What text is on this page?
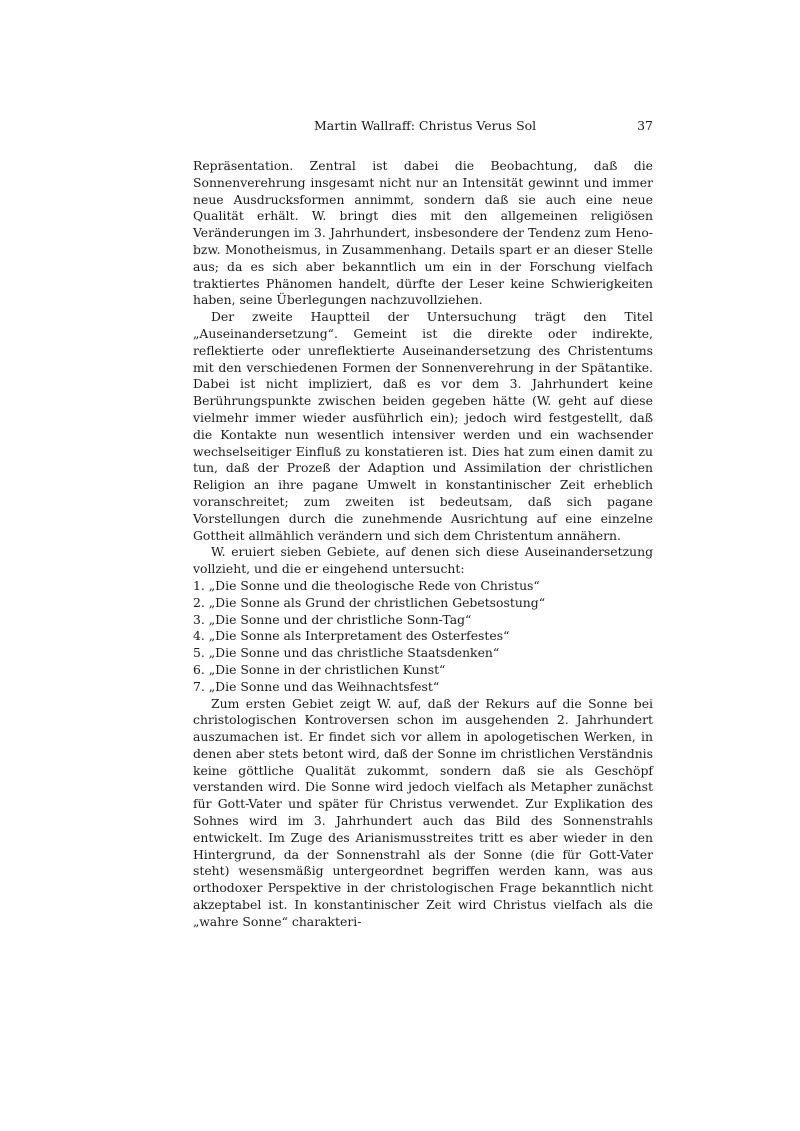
Martin Wallraff: Christus Verus Sol	37

Repräsentation. Zentral ist dabei die Beobachtung, daß die Sonnenverehrung insgesamt nicht nur an Intensität gewinnt und immer neue Ausdrucksformen annimmt, sondern daß sie auch eine neue Qualität erhält. W. bringt dies mit den allgemeinen religiösen Veränderungen im 3. Jahrhundert, insbesondere der Tendenz zum Heno- bzw. Monotheismus, in Zusammenhang. Details spart er an dieser Stelle aus; da es sich aber bekanntlich um ein in der Forschung vielfach traktiertes Phänomen handelt, dürfte der Leser keine Schwierigkeiten haben, seine Überlegungen nachzuvollziehen.

Der zweite Hauptteil der Untersuchung trägt den Titel „Auseinandersetzung“. Gemeint ist die direkte oder indirekte, reflektierte oder unreflektierte Auseinandersetzung des Christentums mit den verschiedenen Formen der Sonnenverehrung in der Spätantike. Dabei ist nicht impliziert, daß es vor dem 3. Jahrhundert keine Berührungspunkte zwischen beiden gegeben hätte (W. geht auf diese vielmehr immer wieder ausführlich ein); jedoch wird festgestellt, daß die Kontakte nun wesentlich intensiver werden und ein wachsender wechselseitiger Einfluß zu konstatieren ist. Dies hat zum einen damit zu tun, daß der Prozeß der Adaption und Assimilation der christlichen Religion an ihre pagane Umwelt in konstantinischer Zeit erheblich voranschreitet; zum zweiten ist bedeutsam, daß sich pagane Vorstellungen durch die zunehmende Ausrichtung auf eine einzelne Gottheit allmählich verändern und sich dem Christentum annähern.

W. eruiert sieben Gebiete, auf denen sich diese Auseinandersetzung vollzieht, und die er eingehend untersucht:

1. „Die Sonne und die theologische Rede von Christus“
2. „Die Sonne als Grund der christlichen Gebetsostung“
3. „Die Sonne und der christliche Sonn-Tag“
4. „Die Sonne als Interpretament des Osterfestes“
5. „Die Sonne und das christliche Staatsdenken“
6. „Die Sonne in der christlichen Kunst“
7. „Die Sonne und das Weihnachtsfest“

Zum ersten Gebiet zeigt W. auf, daß der Rekurs auf die Sonne bei christologischen Kontroversen schon im ausgehenden 2. Jahrhundert auszumachen ist. Er findet sich vor allem in apologetischen Werken, in denen aber stets betont wird, daß der Sonne im christlichen Verständnis keine göttliche Qualität zukommt, sondern daß sie als Geschöpf verstanden wird. Die Sonne wird jedoch vielfach als Metapher zunächst für Gott-Vater und später für Christus verwendet. Zur Explikation des Sohnes wird im 3. Jahrhundert auch das Bild des Sonnenstrahls entwickelt. Im Zuge des Arianismusstreites tritt es aber wieder in den Hintergrund, da der Sonnenstrahl als der Sonne (die für Gott-Vater steht) wesensmäßig untergeordnet begriffen werden kann, was aus orthodoxer Perspektive in der christologischen Frage bekanntlich nicht akzeptabel ist. In konstantinischer Zeit wird Christus vielfach als die „wahre Sonne“ charakteri-
